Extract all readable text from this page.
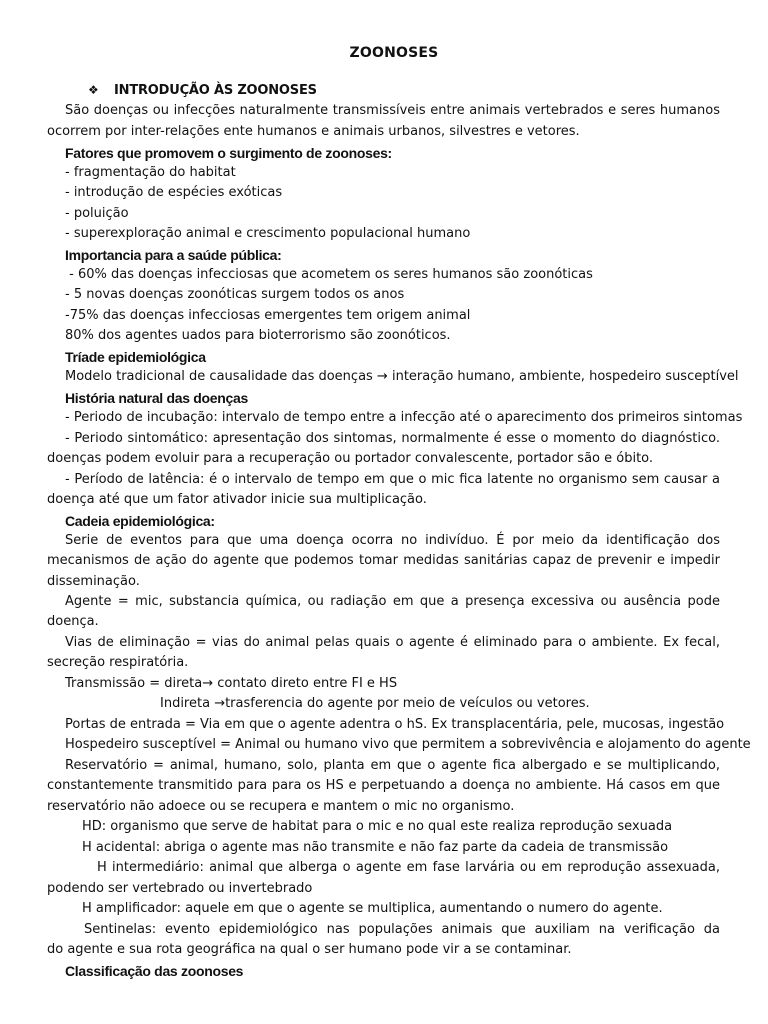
ZOONOSES
❖ INTRODUÇÃO ÀS ZOONOSES
São doenças ou infecções naturalmente transmissíveis entre animais vertebrados e seres humanos
ocorrem por inter-relações ente humanos e animais urbanos, silvestres e vetores.
Fatores que promovem o surgimento de zoonoses:
- fragmentação do habitat
- introdução de espécies exóticas
- poluição
- superexploração animal e crescimento populacional humano
Importancia para a saúde pública:
- 60% das doenças infecciosas que acometem os seres humanos são zoonóticas
- 5 novas doenças zoonóticas surgem todos os anos
-75% das doenças infecciosas emergentes tem origem animal
80% dos agentes uados para bioterrorismo são zoonóticos.
Tríade epidemiológica
Modelo tradicional de causalidade das doenças → interação humano, ambiente, hospedeiro susceptível
História natural das doenças
- Periodo de incubação: intervalo de tempo entre a infecção até o aparecimento dos primeiros sintomas
- Periodo sintomático: apresentação dos sintomas, normalmente é esse o momento do diagnóstico.
doenças podem evoluir para a recuperação ou portador convalescente, portador são e óbito.
- Período de latência: é o intervalo de tempo em que o mic fica latente no organismo sem causar a
doença até que um fator ativador inicie sua multiplicação.
Cadeia epidemiológica:
Serie de eventos para que uma doença ocorra no indivíduo. É por meio da identificação dos
mecanismos de ação do agente que podemos tomar medidas sanitárias capaz de prevenir e impedir
disseminação.
Agente = mic, substancia química, ou radiação em que a presença excessiva ou ausência pode
doença.
Vias de eliminação = vias do animal pelas quais o agente é eliminado para o ambiente. Ex fecal,
secreção respiratória.
Transmissão = direta→ contato direto entre FI e HS
Indireta →trasferencia do agente por meio de veículos ou vetores.
Portas de entrada = Via em que o agente adentra o hS. Ex transplacentária, pele, mucosas, ingestão
Hospedeiro susceptível = Animal ou humano vivo que permitem a sobrevivência e alojamento do agente
Reservatório = animal, humano, solo, planta em que o agente fica albergado e se multiplicando,
constantemente transmitido para para os HS e perpetuando a doença no ambiente. Há casos em que
reservatório não adoece ou se recupera e mantem o mic no organismo.
HD: organismo que serve de habitat para o mic e no qual este realiza reprodução sexuada
H acidental: abriga o agente mas não transmite e não faz parte da cadeia de transmissão
H intermediário: animal que alberga o agente em fase larvária ou em reprodução assexuada,
podendo ser vertebrado ou invertebrado
H amplificador: aquele em que o agente se multiplica, aumentando o numero do agente.
Sentinelas: evento epidemiológico nas populações animais que auxiliam na verificação da
do agente e sua rota geográfica na qual o ser humano pode vir a se contaminar.
Classificação das zoonoses
